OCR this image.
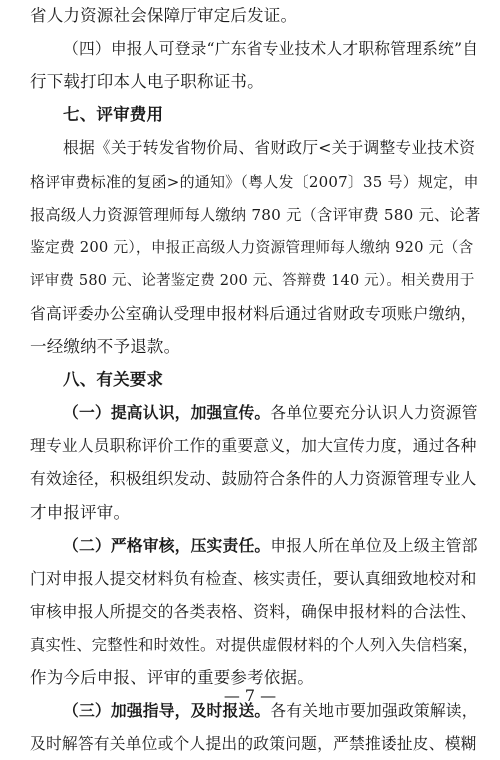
省人力资源社会保障厅审定后发证。
（四）申报人可登录“广东省专业技术人才职称管理系统”自
行下载打印本人电子职称证书。
七、评审费用
根据《关于转发省物价局、省财政厅<关于调整专业技术资
格评审费标准的复函>的通知》（粤人发〔2007〕35 号）规定，申
报高级人力资源管理师每人缴纳 780 元（含评审费 580 元、论著
鉴定费 200 元），申报正高级人力资源管理师每人缴纳 920 元（含
评审费 580 元、论著鉴定费 200 元、答辩费 140 元）。相关费用于
省高评委办公室确认受理申报材料后通过省财政专项账户缴纳，
一经缴纳不予退款。
八、有关要求
（一）提高认识，加强宣传。各单位要充分认识人力资源管
理专业人员职称评价工作的重要意义，加大宣传力度，通过各种
有效途径，积极组织发动、鼓励符合条件的人力资源管理专业人
才申报评审。
（二）严格审核，压实责任。申报人所在单位及上级主管部
门对申报人提交材料负有检查、核实责任，要认真细致地校对和
审核申报人所提交的各类表格、资料，确保申报材料的合法性、
真实性、完整性和时效性。对提供虚假材料的个人列入失信档案，
作为今后申报、评审的重要参考依据。
（三）加强指导，及时报送。各有关地市要加强政策解读，
及时解答有关单位或个人提出的政策问题，严禁推诿扯皮、模糊
— 7 —
